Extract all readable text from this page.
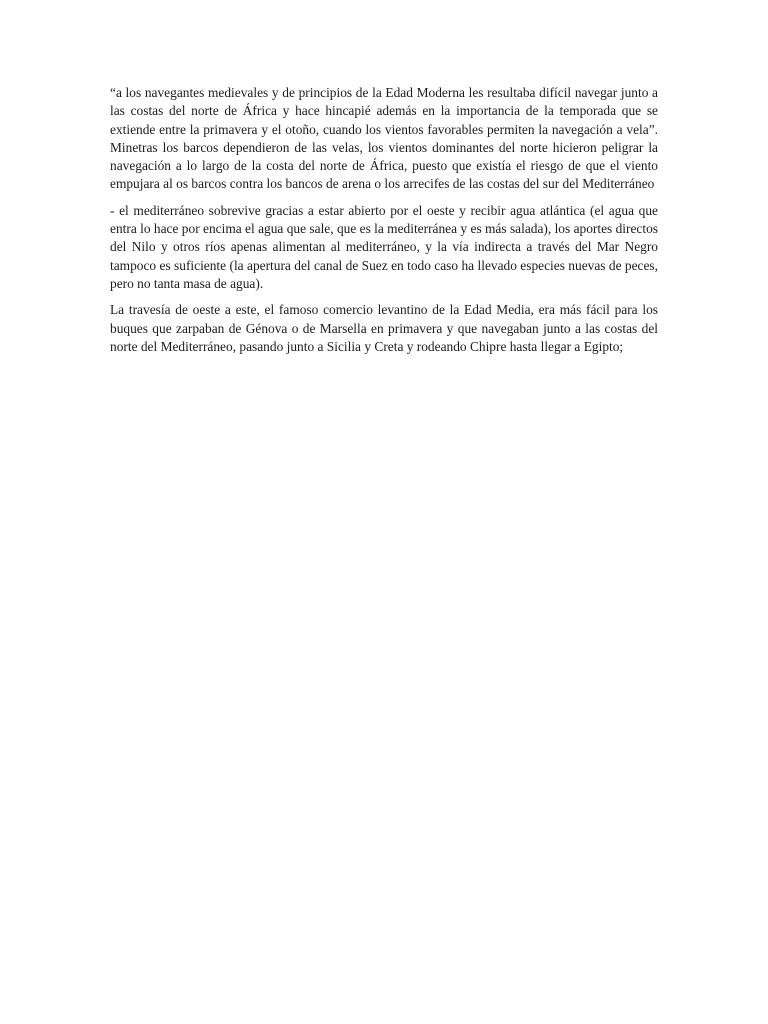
“a los navegantes medievales y de principios de la Edad Moderna les resultaba difícil navegar junto a las costas del norte de África y hace hincapié además en la importancia de la temporada que se extiende entre la primavera y el otoño, cuando los vientos favorables permiten la navegación a vela”. Minetras los barcos dependieron de las velas, los vientos dominantes del norte hicieron peligrar la navegación a lo largo de la costa del norte de África, puesto que existía el riesgo de que el viento empujara al os barcos contra los bancos de arena o los arrecifes de las costas del sur del Mediterráneo

- el mediterráneo sobrevive gracias a estar abierto por el oeste y recibir agua atlántica (el agua que entra lo hace por encima el agua que sale, que es la mediterránea y es más salada), los aportes directos del Nilo y otros ríos apenas alimentan al mediterráneo, y la vía indirecta a través del Mar Negro tampoco es suficiente (la apertura del canal de Suez en todo caso ha llevado especies nuevas de peces, pero no tanta masa de agua).

La travesía de oeste a este, el famoso comercio levantino de la Edad Media, era más fácil para los buques que zarpaban de Génova o de Marsella en primavera y que navegaban junto a las costas del norte del Mediterráneo, pasando junto a Sicilia y Creta y rodeando Chipre hasta llegar a Egipto;
